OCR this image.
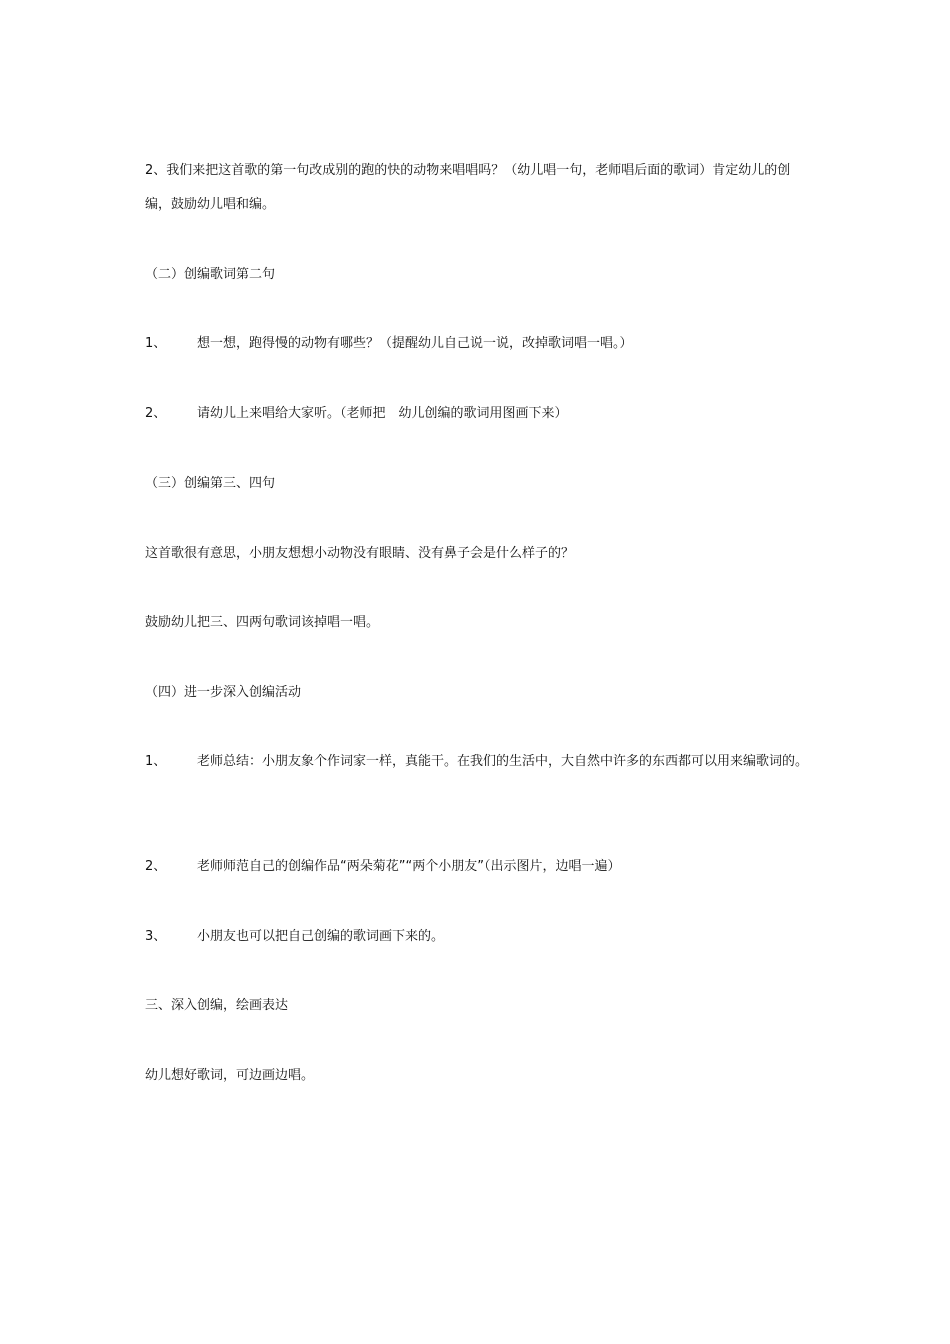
2、我们来把这首歌的第一句改成别的跑的快的动物来唱唱吗？（幼儿唱一句，老师唱后面的歌词）肯定幼儿的创编，鼓励幼儿唱和编。
（二）创编歌词第二句
1、 想一想，跑得慢的动物有哪些？（提醒幼儿自己说一说，改掉歌词唱一唱。）
2、 请幼儿上来唱给大家听。（老师把　幼儿创编的歌词用图画下来）
（三）创编第三、四句
这首歌很有意思，小朋友想想小动物没有眼睛、没有鼻子会是什么样子的？
鼓励幼儿把三、四两句歌词该掉唱一唱。
（四）进一步深入创编活动
1、 老师总结：小朋友象个作词家一样，真能干。在我们的生活中，大自然中许多的东西都可以用来编歌词的。
2、 老师师范自己的创编作品“两朵菊花”“两个小朋友”（出示图片，边唱一遍）
3、 小朋友也可以把自己创编的歌词画下来的。
三、深入创编，绘画表达
幼儿想好歌词，可边画边唱。
